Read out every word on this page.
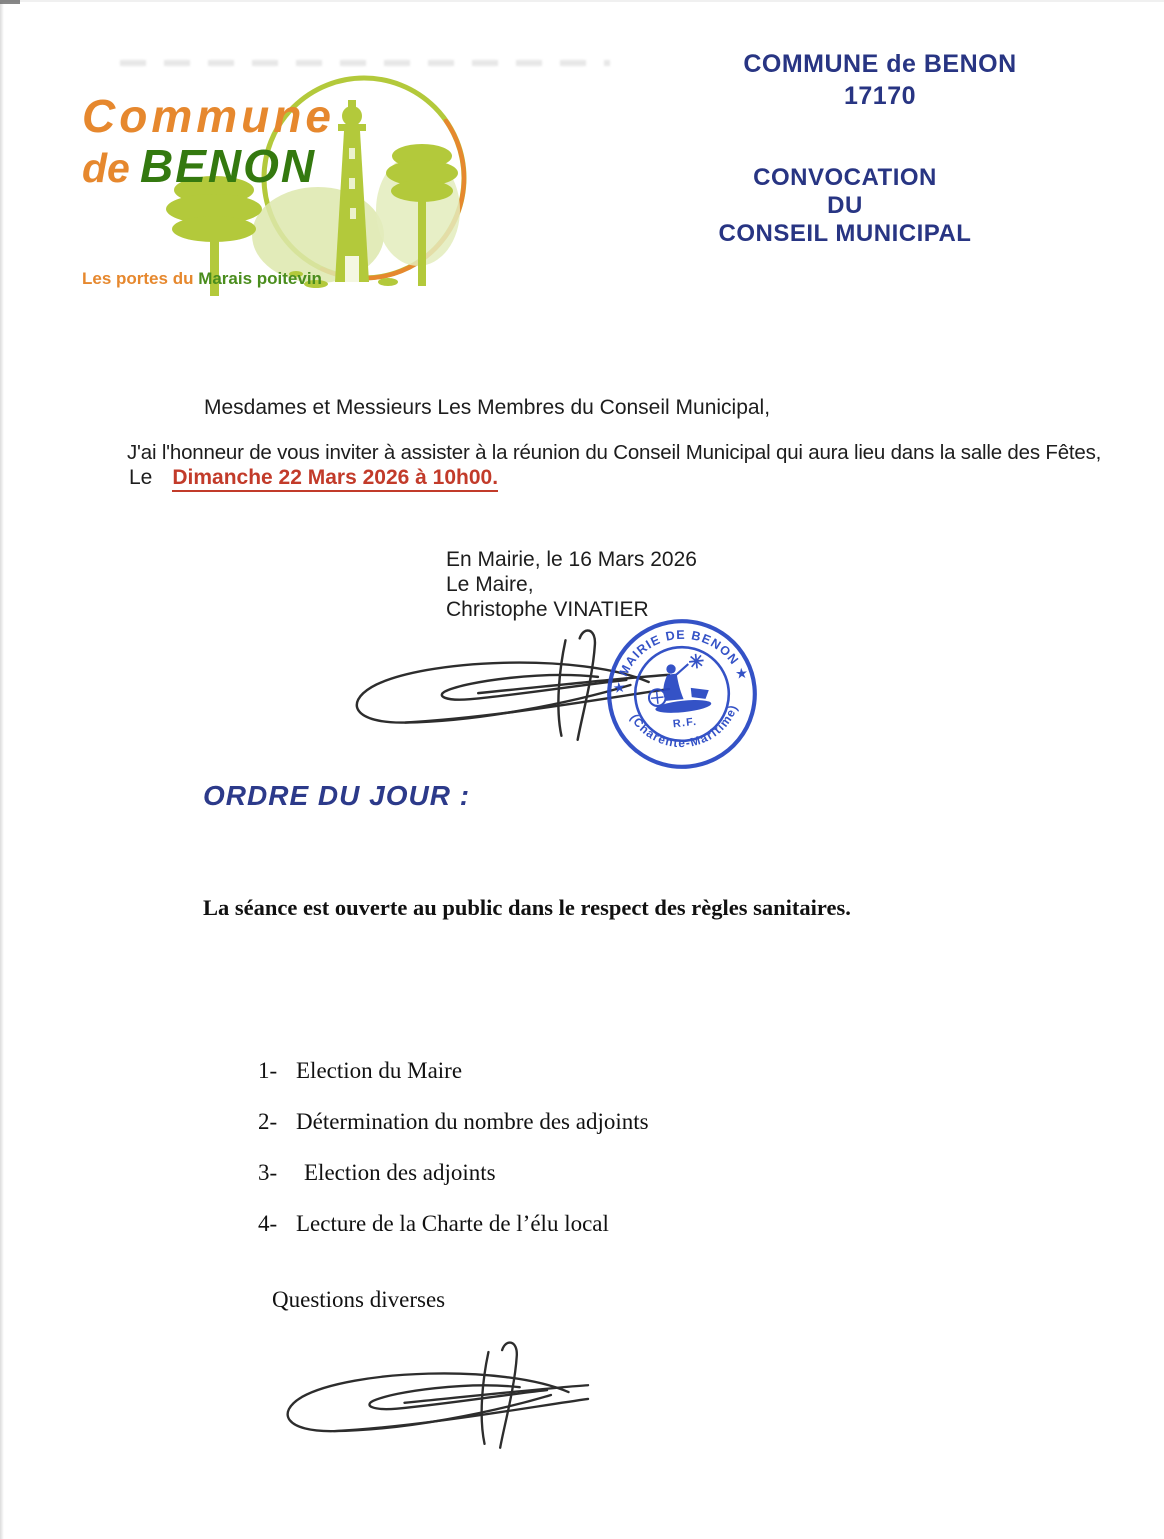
Commune
de BENON
Les portes du Marais poitevin
COMMUNE de BENON
17170
CONVOCATION
DU
CONSEIL MUNICIPAL
Mesdames et Messieurs Les Membres du Conseil Municipal,
J'ai l'honneur de vous inviter à assister à la réunion du Conseil Municipal qui aura lieu dans la salle des Fêtes,
Le Dimanche 22 Mars 2026 à 10h00.
En Mairie, le 16 Mars 2026
Le Maire,
Christophe VINATIER
★ MAIRIE DE BENON ★
(Charente-Maritime)
R.F.
ORDRE DU JOUR :
La séance est ouverte au public dans le respect des règles sanitaires.
1- Election du Maire
2- Détermination du nombre des adjoints
3-	Election des adjoints
4- Lecture de la Charte de l’élu local
Questions diverses
